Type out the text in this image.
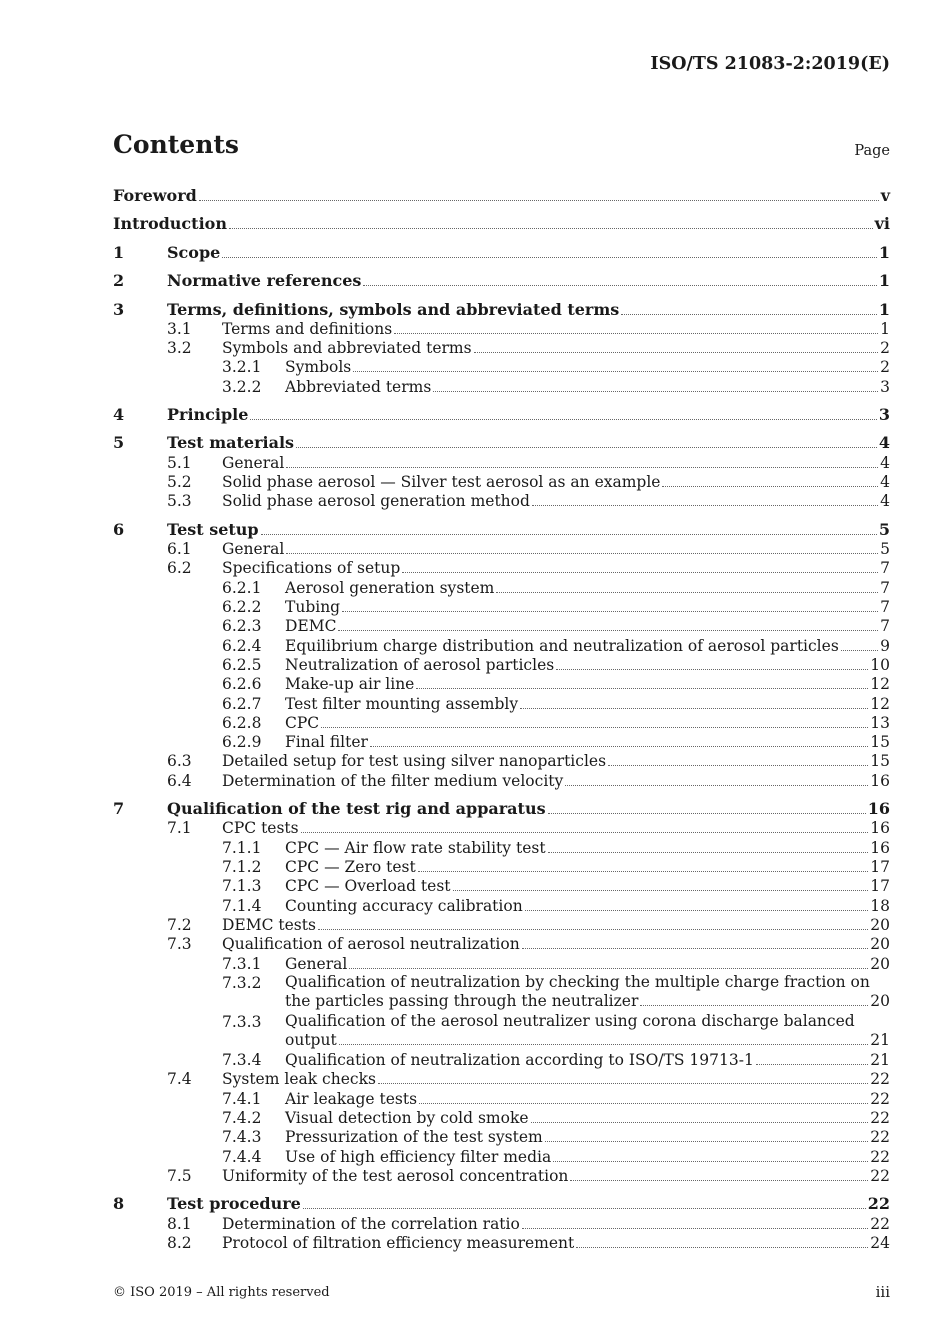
ISO/TS 21083-2:2019(E)
Contents	Page
Foreword	v
Introduction	vi
1	Scope	1
2	Normative references	1
3	Terms, definitions, symbols and abbreviated terms	1
3.1 Terms and definitions	1
3.2 Symbols and abbreviated terms	2
3.2.1 Symbols	2
3.2.2 Abbreviated terms	3
4	Principle	3
5	Test materials	4
5.1 General	4
5.2 Solid phase aerosol — Silver test aerosol as an example	4
5.3 Solid phase aerosol generation method	4
6	Test setup	5
6.1 General	5
6.2 Specifications of setup	7
6.2.1 Aerosol generation system	7
6.2.2 Tubing	7
6.2.3 DEMC	7
6.2.4 Equilibrium charge distribution and neutralization of aerosol particles	9
6.2.5 Neutralization of aerosol particles	10
6.2.6 Make-up air line	12
6.2.7 Test filter mounting assembly	12
6.2.8 CPC	13
6.2.9 Final filter	15
6.3 Detailed setup for test using silver nanoparticles	15
6.4 Determination of the filter medium velocity	16
7	Qualification of the test rig and apparatus	16
7.1 CPC tests	16
7.1.1 CPC — Air flow rate stability test	16
7.1.2 CPC — Zero test	17
7.1.3 CPC — Overload test	17
7.1.4 Counting accuracy calibration	18
7.2 DEMC tests	20
7.3 Qualification of aerosol neutralization	20
7.3.1 General	20
7.3.2 Qualification of neutralization by checking the multiple charge fraction on
the particles passing through the neutralizer	20
7.3.3 Qualification of the aerosol neutralizer using corona discharge balanced
output	21
7.3.4 Qualification of neutralization according to ISO/TS 19713-1	21
7.4 System leak checks	22
7.4.1 Air leakage tests	22
7.4.2 Visual detection by cold smoke	22
7.4.3 Pressurization of the test system	22
7.4.4 Use of high efficiency filter media	22
7.5 Uniformity of the test aerosol concentration	22
8	Test procedure	22
8.1 Determination of the correlation ratio	22
8.2 Protocol of filtration efficiency measurement	24
© ISO 2019 – All rights reserved	iii
